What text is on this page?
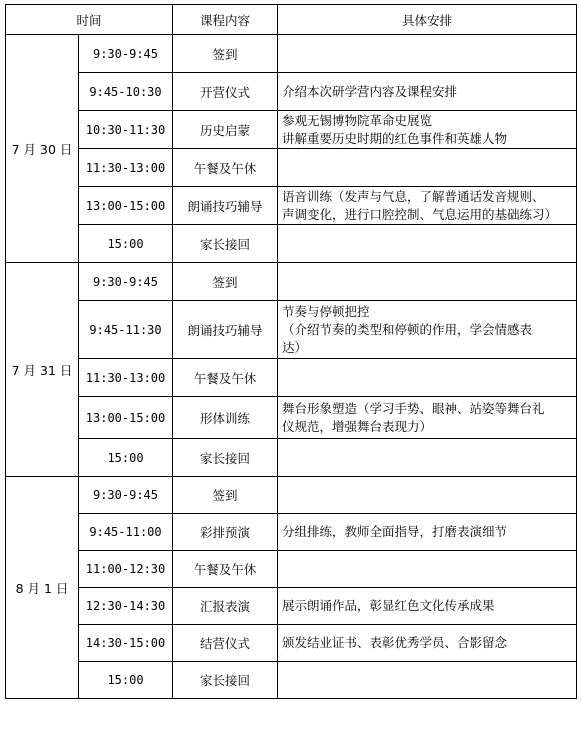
时间		课程内容	具体安排
7 月 30 日	9:30-9:45	签到	
	9:45-10:30	开营仪式	介绍本次研学营内容及课程安排

	10:30-11:30	历史启蒙	参观无锡博物院革命史展览
讲解重要历史时期的红色事件和英雄人物

	11:30-13:00	午餐及午休	
	13:00-15:00	朗诵技巧辅导	语音训练（发声与气息，了解普通话发音规则、
声调变化，进行口腔控制、气息运用的基础练习）

	15:00	家长接回	
7 月 31 日	9:30-9:45	签到	
	9:45-11:30	朗诵技巧辅导	节奏与停顿把控
（介绍节奏的类型和停顿的作用，学会情感表
达）

	11:30-13:00	午餐及午休	
	13:00-15:00	形体训练	舞台形象塑造（学习手势、眼神、站姿等舞台礼
仪规范，增强舞台表现力）

	15:00	家长接回	
8 月 1 日	9:30-9:45	签到	
	9:45-11:00	彩排预演	分组排练，教师全面指导，打磨表演细节

	11:00-12:30	午餐及午休	
	12:30-14:30	汇报表演	展示朗诵作品，彰显红色文化传承成果

	14:30-15:00	结营仪式	颁发结业证书、表彰优秀学员、合影留念

	15:00	家长接回	
